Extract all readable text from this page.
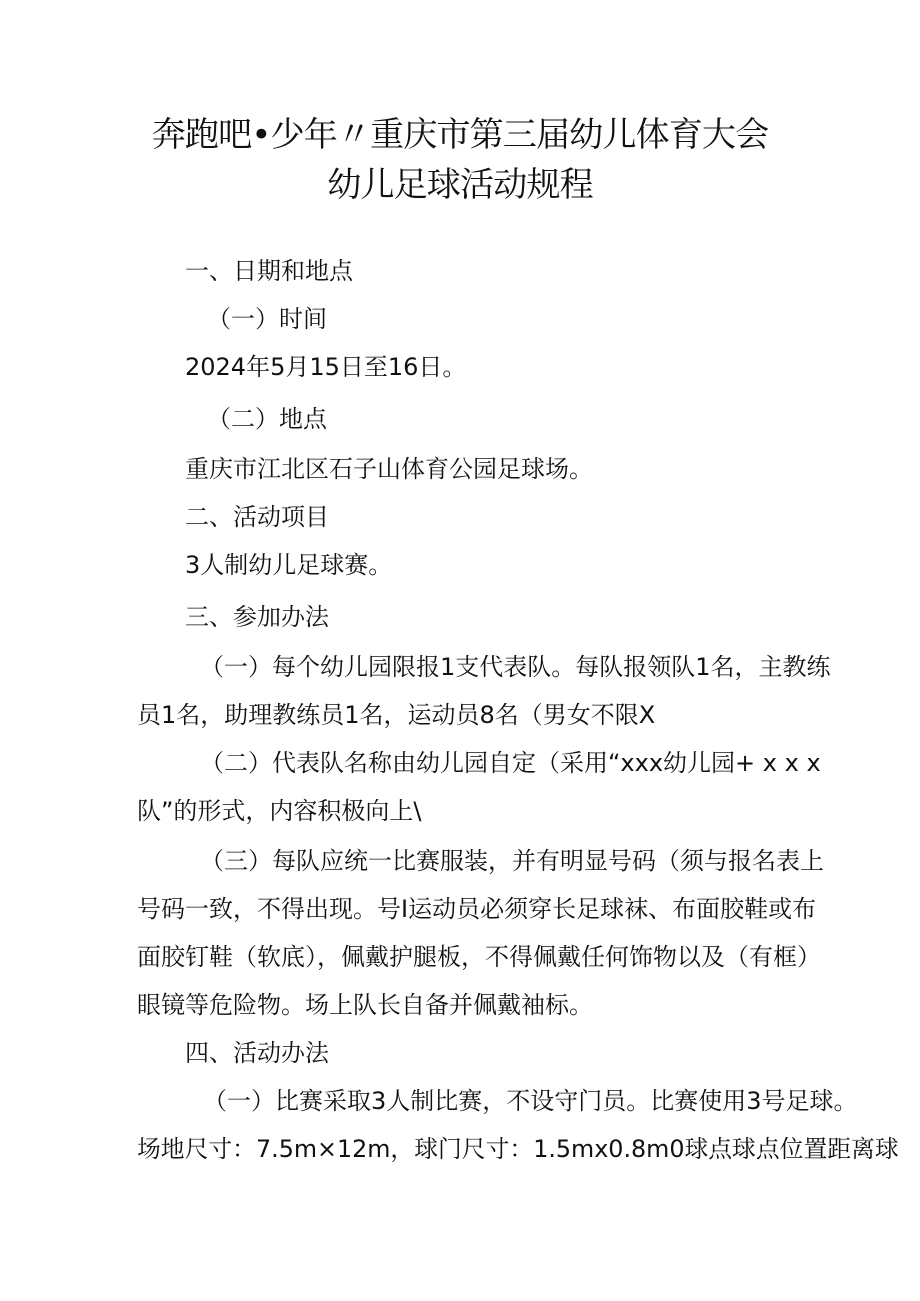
奔跑吧•少年〃重庆市第三届幼儿体育大会
幼儿足球活动规程
一、日期和地点
（一）时间
2024年5月15日至16日。
（二）地点
重庆市江北区石子山体育公园足球场。
二、活动项目
3人制幼儿足球赛。
三、参加办法
（一）每个幼儿园限报1支代表队。每队报领队1名，主教练
员1名，助理教练员1名，运动员8名（男女不限X
（二）代表队名称由幼儿园自定（采用“xxx幼儿园+ x x x
队”的形式，内容积极向上\
（三）每队应统一比赛服装，并有明显号码（须与报名表上
号码一致，不得出现。号I运动员必须穿长足球袜、布面胶鞋或布
面胶钉鞋（软底），佩戴护腿板，不得佩戴任何饰物以及（有框）
眼镜等危险物。场上队长自备并佩戴袖标。
四、活动办法
（一）比赛采取3人制比赛，不设守门员。比赛使用3号足球。
场地尺寸：7.5m×12m，球门尺寸：1.5mx0.8m0球点球点位置距离球
